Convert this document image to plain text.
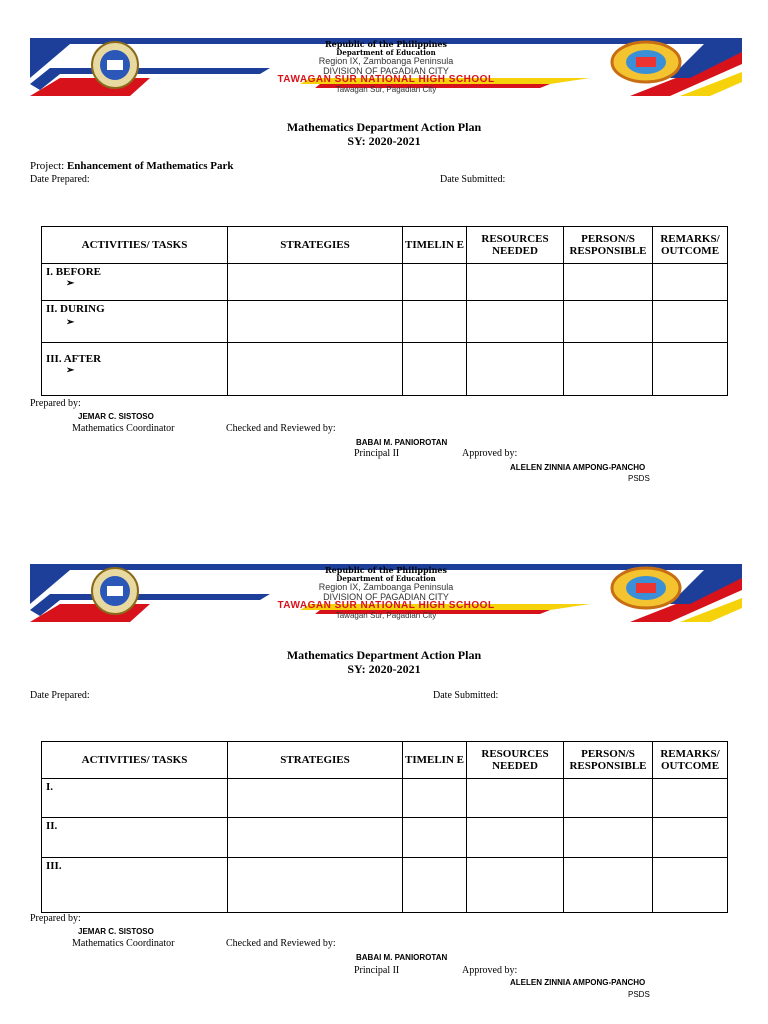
Republic of the Philippines
Department of Education
Region IX, Zamboanga Peninsula
DIVISION OF PAGADIAN CITY
TAWAGAN SUR NATIONAL HIGH SCHOOL
Tawagan Sur, Pagadian City
Mathematics Department Action Plan
SY: 2020-2021
Project: Enhancement of Mathematics Park
Date Prepared:	Date Submitted:
ACTIVITIES/ TASKS	STRATEGIES	TIMELIN E	RESOURCES NEEDED	PERSON/S RESPONSIBLE	REMARKS/ OUTCOME
I. BEFORE
➢					

II. DURING
➢					

III. AFTER
➢					

Prepared by:
JEMAR C. SISTOSO
Mathematics Coordinator	Checked and Reviewed by:
BABAI M. PANIOROTAN
Principal II	Approved by:
ALELEN ZINNIA AMPONG-PANCHO
PSDS
Republic of the Philippines
Department of Education
Region IX, Zamboanga Peninsula
DIVISION OF PAGADIAN CITY
TAWAGAN SUR NATIONAL HIGH SCHOOL
Tawagan Sur, Pagadian City
Mathematics Department Action Plan
SY: 2020-2021
Date Prepared:	Date Submitted:
ACTIVITIES/ TASKS	STRATEGIES	TIMELIN E	RESOURCES NEEDED	PERSON/S RESPONSIBLE	REMARKS/ OUTCOME
I.					
II.					
III.					
Prepared by:
JEMAR C. SISTOSO
Mathematics Coordinator	Checked and Reviewed by:
BABAI M. PANIOROTAN
Principal II	Approved by:
ALELEN ZINNIA AMPONG-PANCHO
PSDS
